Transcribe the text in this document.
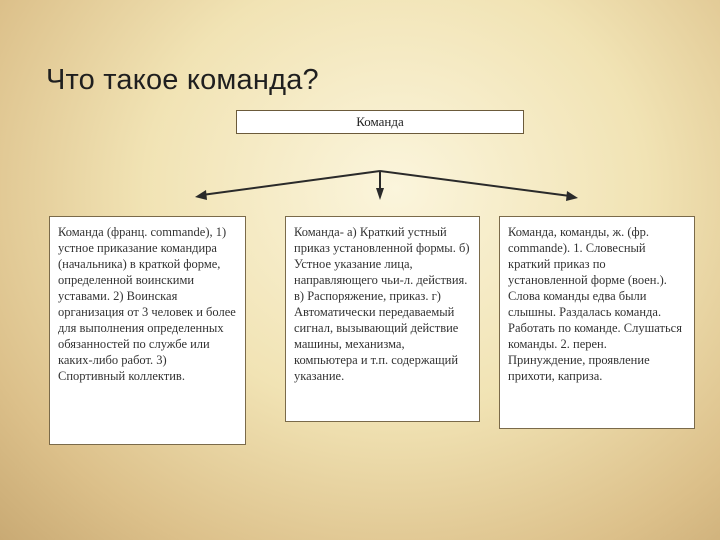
Что такое команда?
Команда
Команда (франц. commande), 1) устное приказание командира (начальника) в краткой форме, определенной воинскими уставами. 2) Воинская организация от 3 человек и более для выполнения определенных обязанностей по службе или каких-либо работ. 3) Спортивный коллектив.
Команда- а) Краткий устный приказ установленной формы. б) Устное указание лица, направляющего чьи-л. действия. в) Распоряжение, приказ. г) Автоматически передаваемый сигнал, вызывающий действие машины, механизма, компьютера и т.п. содержащий указание.
Команда, команды, ж. (фр. commande). 1. Словесный краткий приказ по установленной форме (воен.). Слова команды едва были слышны. Раздалась команда. Работать по команде. Слушаться команды. 2. перен. Принуждение, проявление прихоти, каприза.
